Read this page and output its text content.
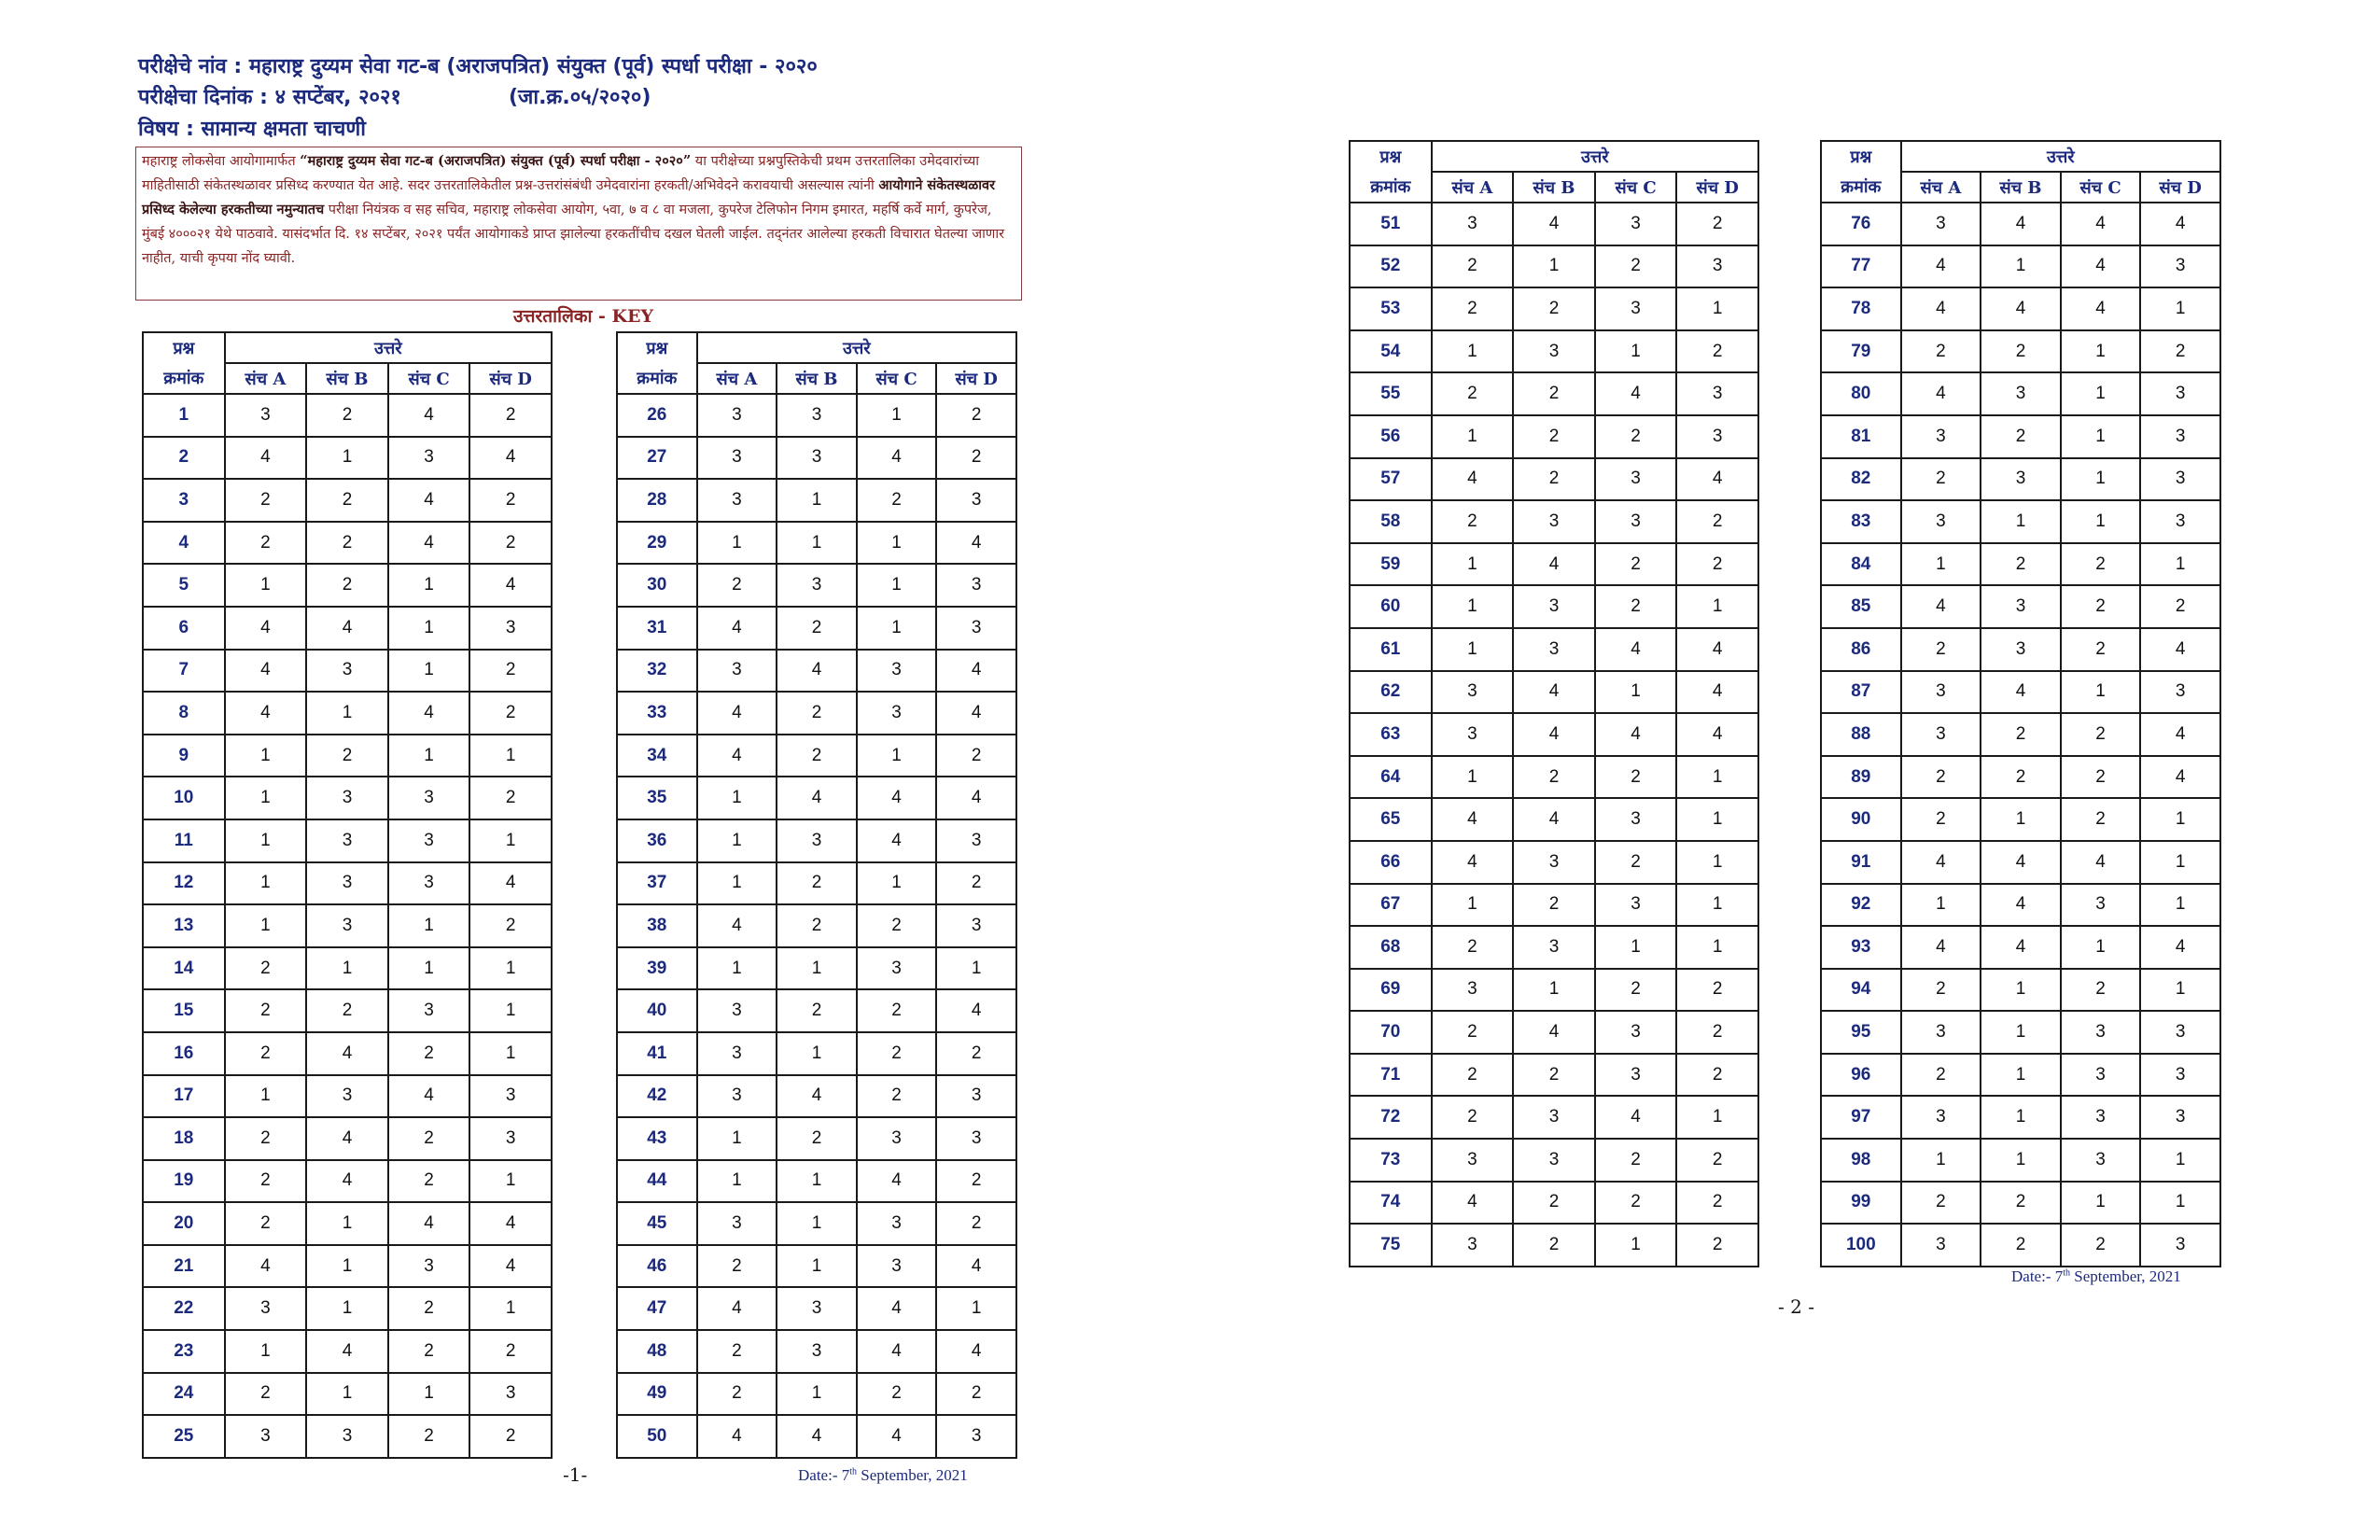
परीक्षेचे नांव : महाराष्ट्र दुय्यम सेवा गट-ब (अराजपत्रित) संयुक्त (पूर्व) स्पर्धा परीक्षा - २०२०
परीक्षेचा दिनांक : ४ सप्टेंबर, २०२१	(जा.क्र.०५/२०२०)
विषय : सामान्य क्षमता चाचणी
महाराष्ट्र लोकसेवा आयोगामार्फत “महाराष्ट्र दुय्यम सेवा गट-ब (अराजपत्रित) संयुक्त (पूर्व) स्पर्धा परीक्षा - २०२०” या परीक्षेच्या प्रश्नपुस्तिकेची प्रथम उत्तरतालिका उमेदवारांच्या माहितीसाठी संकेतस्थळावर प्रसिध्द करण्यात येत आहे. सदर उत्तरतालिकेतील प्रश्न-उत्तरांसंबंधी उमेदवारांना हरकती/अभिवेदने करावयाची असल्यास त्यांनी आयोगाने संकेतस्थळावर प्रसिध्द केलेल्या हरकतीच्या नमुन्यातच परीक्षा नियंत्रक व सह सचिव, महाराष्ट्र लोकसेवा आयोग, ५वा, ७ व ८ वा मजला, कुपरेज टेलिफोन निगम इमारत, महर्षि कर्वे मार्ग, कुपरेज, मुंबई ४०००२१ येथे पाठवावे. यासंदर्भात दि. १४ सप्टेंबर, २०२१ पर्यंत आयोगाकडे प्राप्त झालेल्या हरकतींचीच दखल घेतली जाईल. तद्नंतर आलेल्या हरकती विचारात घेतल्या जाणार नाहीत, याची कृपया नोंद घ्यावी.
उत्तरतालिका - KEY
प्रश्न	उत्तरे			
क्रमांक	संच A	संच B	संच C	संच D
1	3	2	4	2
2	4	1	3	4
3	2	2	4	2
4	2	2	4	2
5	1	2	1	4
6	4	4	1	3
7	4	3	1	2
8	4	1	4	2
9	1	2	1	1
10	1	3	3	2
11	1	3	3	1
12	1	3	3	4
13	1	3	1	2
14	2	1	1	1
15	2	2	3	1
16	2	4	2	1
17	1	3	4	3
18	2	4	2	3
19	2	4	2	1
20	2	1	4	4
21	4	1	3	4
22	3	1	2	1
23	1	4	2	2
24	2	1	1	3
25	3	3	2	2
प्रश्न	उत्तरे			
क्रमांक	संच A	संच B	संच C	संच D
26	3	3	1	2
27	3	3	4	2
28	3	1	2	3
29	1	1	1	4
30	2	3	1	3
31	4	2	1	3
32	3	4	3	4
33	4	2	3	4
34	4	2	1	2
35	1	4	4	4
36	1	3	4	3
37	1	2	1	2
38	4	2	2	3
39	1	1	3	1
40	3	2	2	4
41	3	1	2	2
42	3	4	2	3
43	1	2	3	3
44	1	1	4	2
45	3	1	3	2
46	2	1	3	4
47	4	3	4	1
48	2	3	4	4
49	2	1	2	2
50	4	4	4	3
प्रश्न	उत्तरे			
क्रमांक	संच A	संच B	संच C	संच D
51	3	4	3	2
52	2	1	2	3
53	2	2	3	1
54	1	3	1	2
55	2	2	4	3
56	1	2	2	3
57	4	2	3	4
58	2	3	3	2
59	1	4	2	2
60	1	3	2	1
61	1	3	4	4
62	3	4	1	4
63	3	4	4	4
64	1	2	2	1
65	4	4	3	1
66	4	3	2	1
67	1	2	3	1
68	2	3	1	1
69	3	1	2	2
70	2	4	3	2
71	2	2	3	2
72	2	3	4	1
73	3	3	2	2
74	4	2	2	2
75	3	2	1	2
प्रश्न	उत्तरे			
क्रमांक	संच A	संच B	संच C	संच D
76	3	4	4	4
77	4	1	4	3
78	4	4	4	1
79	2	2	1	2
80	4	3	1	3
81	3	2	1	3
82	2	3	1	3
83	3	1	1	3
84	1	2	2	1
85	4	3	2	2
86	2	3	2	4
87	3	4	1	3
88	3	2	2	4
89	2	2	2	4
90	2	1	2	1
91	4	4	4	1
92	1	4	3	1
93	4	4	1	4
94	2	1	2	1
95	3	1	3	3
96	2	1	3	3
97	3	1	3	3
98	1	1	3	1
99	2	2	1	1
100	3	2	2	3
-1-	Date:- 7th September, 2021
Date:- 7th September, 2021
- 2 -
